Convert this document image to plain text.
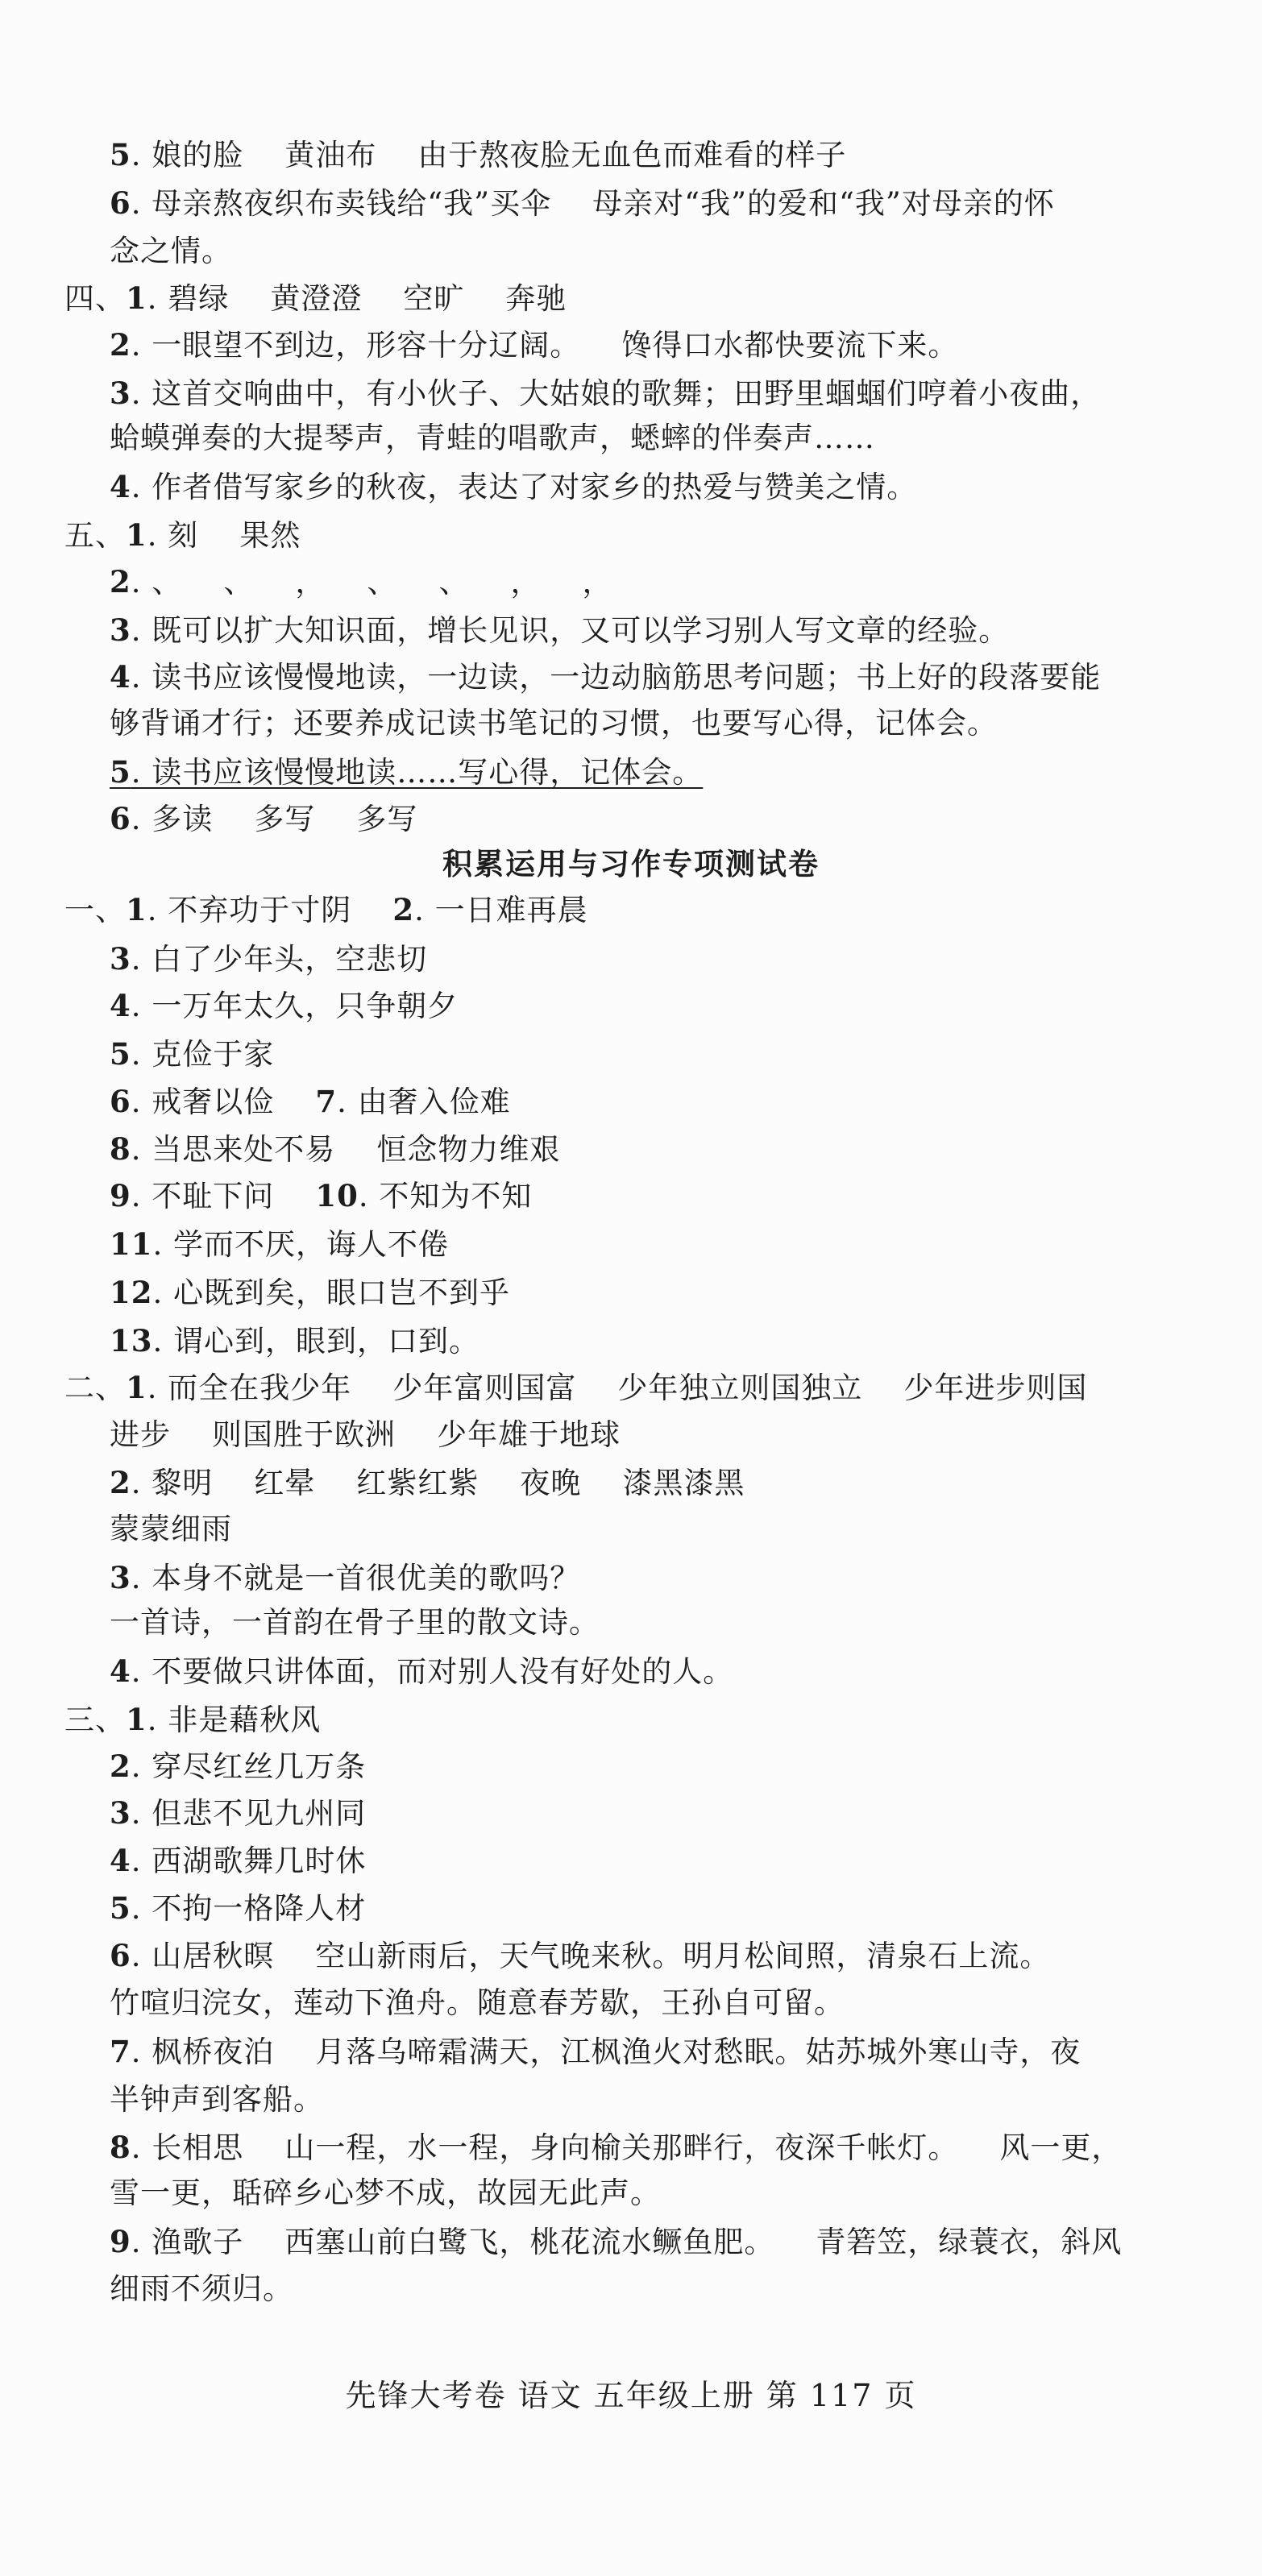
5. 娘的脸    黄油布    由于熬夜脸无血色而难看的样子
6. 母亲熬夜织布卖钱给“我”买伞    母亲对“我”的爱和“我”对母亲的怀
念之情。
四、1. 碧绿    黄澄澄    空旷    奔驰
2. 一眼望不到边，形容十分辽阔。    馋得口水都快要流下来。
3. 这首交响曲中，有小伙子、大姑娘的歌舞；田野里蝈蝈们哼着小夜曲，
蛤蟆弹奏的大提琴声，青蛙的唱歌声，蟋蟀的伴奏声……
4. 作者借写家乡的秋夜，表达了对家乡的热爱与赞美之情。
五、1. 刻    果然
2. 、    、    ，    、    、    ，    ，
3. 既可以扩大知识面，增长见识，又可以学习别人写文章的经验。
4. 读书应该慢慢地读，一边读，一边动脑筋思考问题；书上好的段落要能
够背诵才行；还要养成记读书笔记的习惯，也要写心得，记体会。
5. 读书应该慢慢地读……写心得，记体会。
6. 多读    多写    多写
积累运用与习作专项测试卷
一、1. 不弃功于寸阴    2. 一日难再晨
3. 白了少年头，空悲切
4. 一万年太久，只争朝夕
5. 克俭于家
6. 戒奢以俭    7. 由奢入俭难
8. 当思来处不易    恒念物力维艰
9. 不耻下问    10. 不知为不知
11. 学而不厌，诲人不倦
12. 心既到矣，眼口岂不到乎
13. 谓心到，眼到，口到。
二、1. 而全在我少年    少年富则国富    少年独立则国独立    少年进步则国
进步    则国胜于欧洲    少年雄于地球
2. 黎明    红晕    红紫红紫    夜晚    漆黑漆黑
蒙蒙细雨
3. 本身不就是一首很优美的歌吗？
一首诗，一首韵在骨子里的散文诗。
4. 不要做只讲体面，而对别人没有好处的人。
三、1. 非是藉秋风
2. 穿尽红丝几万条
3. 但悲不见九州同
4. 西湖歌舞几时休
5. 不拘一格降人材
6. 山居秋暝    空山新雨后，天气晚来秋。明月松间照，清泉石上流。
竹喧归浣女，莲动下渔舟。随意春芳歇，王孙自可留。
7. 枫桥夜泊    月落乌啼霜满天，江枫渔火对愁眠。姑苏城外寒山寺，夜
半钟声到客船。
8. 长相思    山一程，水一程，身向榆关那畔行，夜深千帐灯。    风一更，
雪一更，聒碎乡心梦不成，故园无此声。
9. 渔歌子    西塞山前白鹭飞，桃花流水鳜鱼肥。    青箬笠，绿蓑衣，斜风
细雨不须归。
先锋大考卷 语文 五年级上册 第 117 页
